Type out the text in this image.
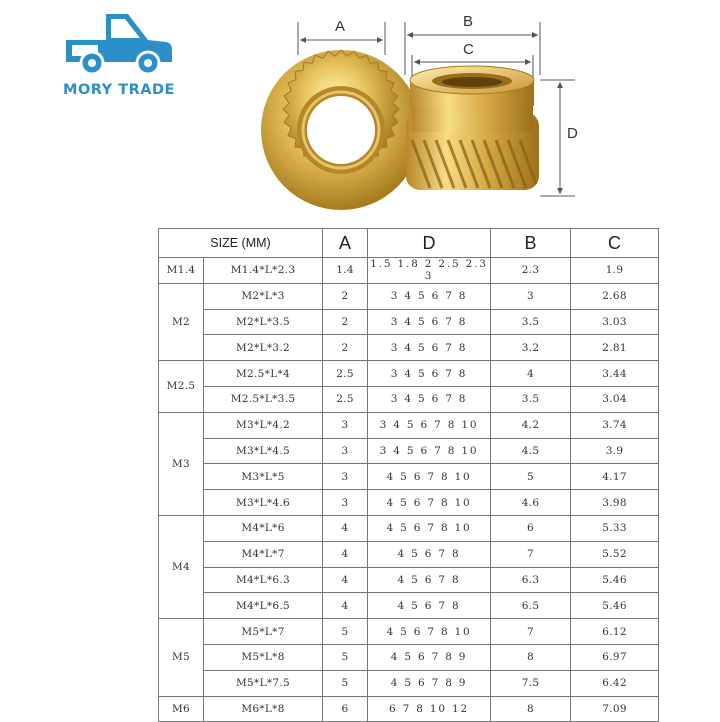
MORY TRADE
A	B
C
D
SIZE (MM)		A	D	B	C
M1.4	M1.4*L*2.3	1.4	1.5 1.8 2 2.5 2.3 3	2.3	1.9
M2	M2*L*3	2	3 4 5 6 7 8	3	2.68
	M2*L*3.5	2	3 4 5 6 7 8	3.5	3.03
	M2*L*3.2	2	3 4 5 6 7 8	3.2	2.81
M2.5	M2.5*L*4	2.5	3 4 5 6 7 8	4	3.44
	M2.5*L*3.5	2.5	3 4 5 6 7 8	3.5	3.04
M3	M3*L*4.2	3	3 4 5 6 7 8 10	4.2	3.74
	M3*L*4.5	3	3 4 5 6 7 8 10	4.5	3.9
	M3*L*5	3	4 5 6 7 8 10	5	4.17
	M3*L*4.6	3	4 5 6 7 8 10	4.6	3.98
M4	M4*L*6	4	4 5 6 7 8 10	6	5.33
	M4*L*7	4	4 5 6 7 8	7	5.52
	M4*L*6.3	4	4 5 6 7 8	6.3	5.46
	M4*L*6.5	4	4 5 6 7 8	6.5	5.46
M5	M5*L*7	5	4 5 6 7 8 10	7	6.12
	M5*L*8	5	4 5 6 7 8 9	8	6.97
	M5*L*7.5	5	4 5 6 7 8 9	7.5	6.42
M6	M6*L*8	6	6 7 8 10 12	8	7.09
